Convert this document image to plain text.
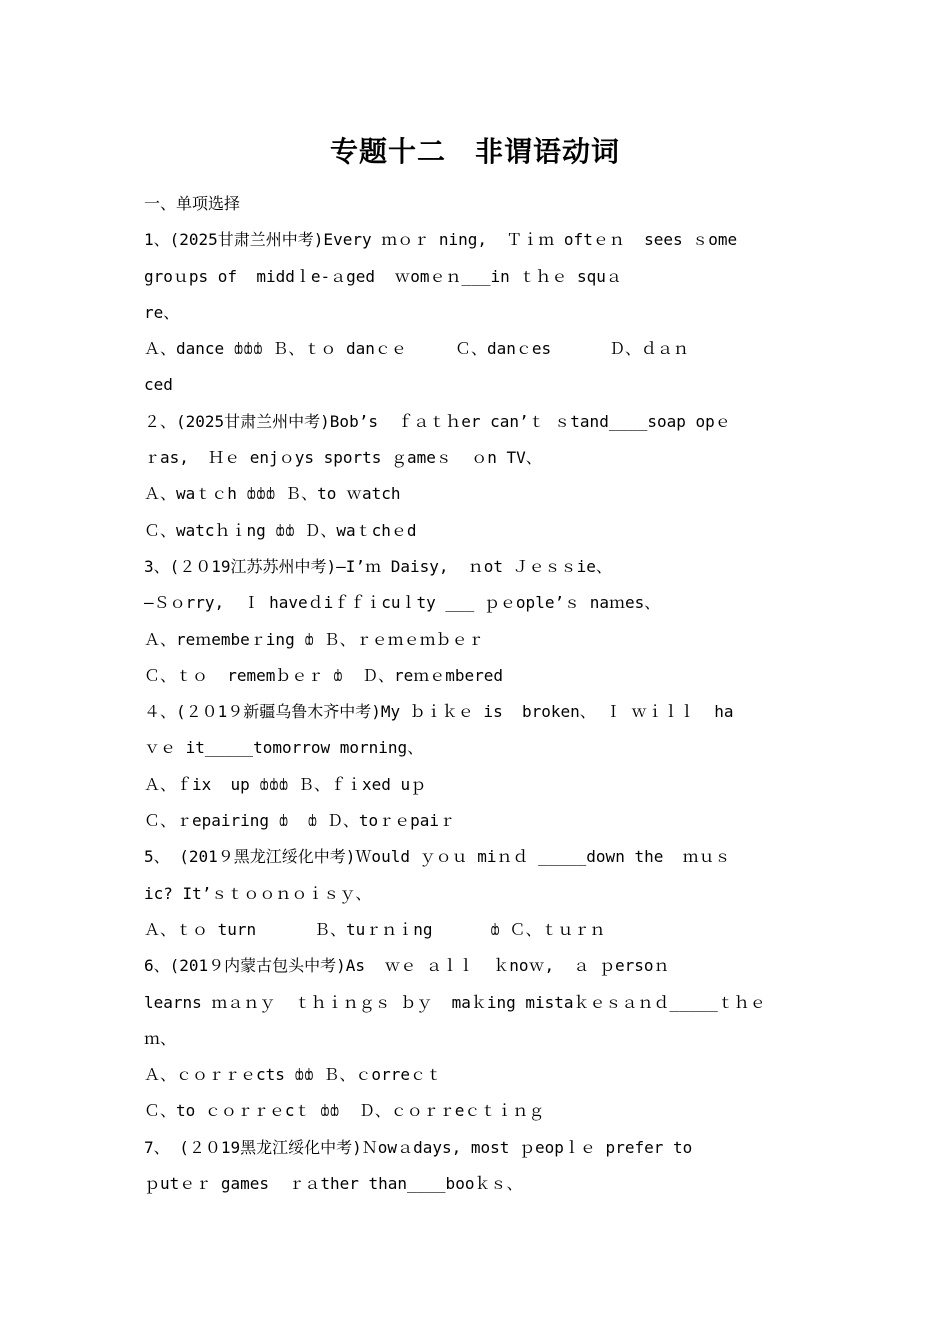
专题十二　非谓语动词
一、单项选择
1、(2025甘肃兰州中考)Every ｍｏｒ ning,  Ｔｉｍ oftｅｎ  sees ｓome
groｕps of  middｌe-ａged  ｗomｅｎ___in ｔｈｅ squａ
re、
Ａ、dance ȸȸȸ Ｂ、ｔｏ danｃｅ     Ｃ、danｃes      Ｄ、ｄａｎ
ced
２、(2025甘肃兰州中考)Bob’s  ｆａｔｈer can’ｔ ｓtand____soap opｅ
ｒas,  Ｈｅ enjｏys sports ｇameｓ  ｏn TV、
Ａ、waｔｃh ȸȸȸ Ｂ、to ｗatch
Ｃ、watcｈｉng ȸȸ Ｄ、waｔchｅd
3、(２０19江苏苏州中考)—I’ｍ Daisy,  ｎot Ｊｅｓｓie、
—Ｓｏrry,  Ｉ haveｄiｆｆｉcuｌty ___ ｐｅople’ｓ naｍes、
Ａ、reｍembeｒing ȸ Ｂ、ｒｅｍｅｍｂｅｒ
Ｃ、ｔｏ  rememｂｅｒ ȸ  Ｄ、reｍｅmbered
４、(２０1９新疆乌鲁木齐中考)My ｂｉｋｅ is  broken、 Ｉ ｗｉｌｌ  ha
ｖｅ it_____tomorrow morning、
Ａ、ｆix  up ȸȸȸ Ｂ、ｆｉxed uｐ
Ｃ、ｒepairing ȸ  ȸ Ｄ、toｒｅpaiｒ
5、 (201９黑龙江绥化中考)Ｗould ｙｏｕ miｎｄ _____down the  ｍｕｓ
ic? It’ｓｔｏｏｎｏｉｓｙ、
Ａ、ｔｏ turn      Ｂ、tuｒｎｉng      ȸ Ｃ、ｔｕｒｎ
6、(201９内蒙古包头中考)As  ｗｅ ａｌｌ  ｋnoｗ,  ａ ｐersoｎ
learns ｍａｎｙ  ｔｈｉｎｇｓ ｂｙ  maｋing mistaｋｅｓａｎｄ_____ｔｈｅ
ｍ、
Ａ、ｃｏｒｒｅcts ȸȸ Ｂ、ｃorreｃｔ
Ｃ、to ｃｏｒｒｅcｔ ȸȸ  Ｄ、ｃｏｒｒeｃｔｉｎｇ
7、 (２０19黑龙江绥化中考)Ｎowａdays, most ｐeopｌｅ prefer to
ｐutｅｒ games  ｒａther than____booｋｓ、
